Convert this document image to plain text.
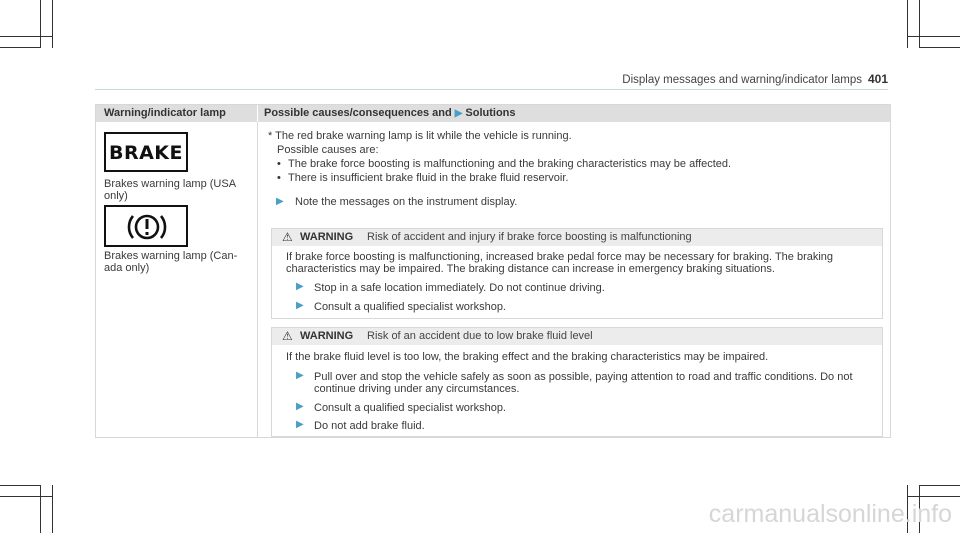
Display messages and warning/indicator lamps 401
Warning/indicator lamp	Possible causes/consequences and ▶ Solutions
BRAKE
Brakes warning lamp (USA
only)
Brakes warning lamp (Can-
ada only)
* The red brake warning lamp is lit while the vehicle is running.
Possible causes are:
• The brake force boosting is malfunctioning and the braking characteristics may be affected.
• There is insufficient brake fluid in the brake fluid reservoir.
▶ Note the messages on the instrument display.
⚠ WARNING Risk of accident and injury if brake force boosting is malfunctioning
If brake force boosting is malfunctioning, increased brake pedal force may be necessary for braking. The braking
characteristics may be impaired. The braking distance can increase in emergency braking situations.
▶ Stop in a safe location immediately. Do not continue driving.
▶ Consult a qualified specialist workshop.
⚠ WARNING Risk of an accident due to low brake fluid level
If the brake fluid level is too low, the braking effect and the braking characteristics may be impaired.
▶ Pull over and stop the vehicle safely as soon as possible, paying attention to road and traffic conditions. Do not
continue driving under any circumstances.
▶ Consult a qualified specialist workshop.
▶ Do not add brake fluid.
carmanualsonline.info
